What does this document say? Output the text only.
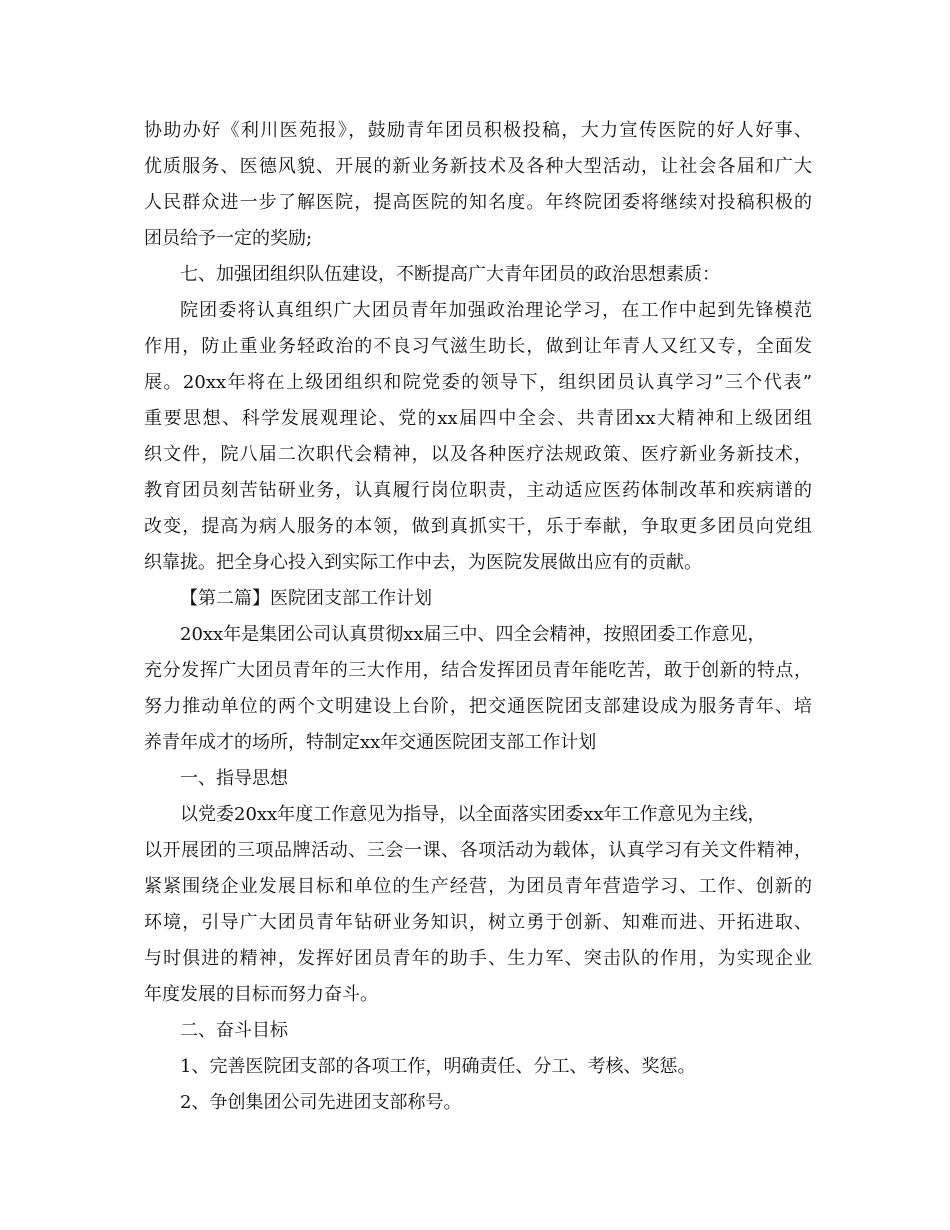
协助办好《利川医苑报》，鼓励青年团员积极投稿，大力宣传医院的好人好事、
优质服务、医德风貌、开展的新业务新技术及各种大型活动，让社会各届和广大
人民群众进一步了解医院，提高医院的知名度。年终院团委将继续对投稿积极的
团员给予一定的奖励;
七、加强团组织队伍建设，不断提高广大青年团员的政治思想素质：
院团委将认真组织广大团员青年加强政治理论学习，在工作中起到先锋模范
作用，防止重业务轻政治的不良习气滋生助长，做到让年青人又红又专，全面发
展。20xx年将在上级团组织和院党委的领导下，组织团员认真学习”三个代表”
重要思想、科学发展观理论、党的xx届四中全会、共青团xx大精神和上级团组
织文件，院八届二次职代会精神，以及各种医疗法规政策、医疗新业务新技术，
教育团员刻苦钻研业务，认真履行岗位职责，主动适应医药体制改革和疾病谱的
改变，提高为病人服务的本领，做到真抓实干，乐于奉献，争取更多团员向党组
织靠拢。把全身心投入到实际工作中去，为医院发展做出应有的贡献。
【第二篇】医院团支部工作计划
20xx年是集团公司认真贯彻xx届三中、四全会精神，按照团委工作意见，
充分发挥广大团员青年的三大作用，结合发挥团员青年能吃苦，敢于创新的特点，
努力推动单位的两个文明建设上台阶，把交通医院团支部建设成为服务青年、培
养青年成才的场所，特制定xx年交通医院团支部工作计划
一、指导思想
以党委20xx年度工作意见为指导，以全面落实团委xx年工作意见为主线，
以开展团的三项品牌活动、三会一课、各项活动为载体，认真学习有关文件精神，
紧紧围绕企业发展目标和单位的生产经营，为团员青年营造学习、工作、创新的
环境，引导广大团员青年钻研业务知识，树立勇于创新、知难而进、开拓进取、
与时俱进的精神，发挥好团员青年的助手、生力军、突击队的作用，为实现企业
年度发展的目标而努力奋斗。
二、奋斗目标
1、完善医院团支部的各项工作，明确责任、分工、考核、奖惩。
2、争创集团公司先进团支部称号。
